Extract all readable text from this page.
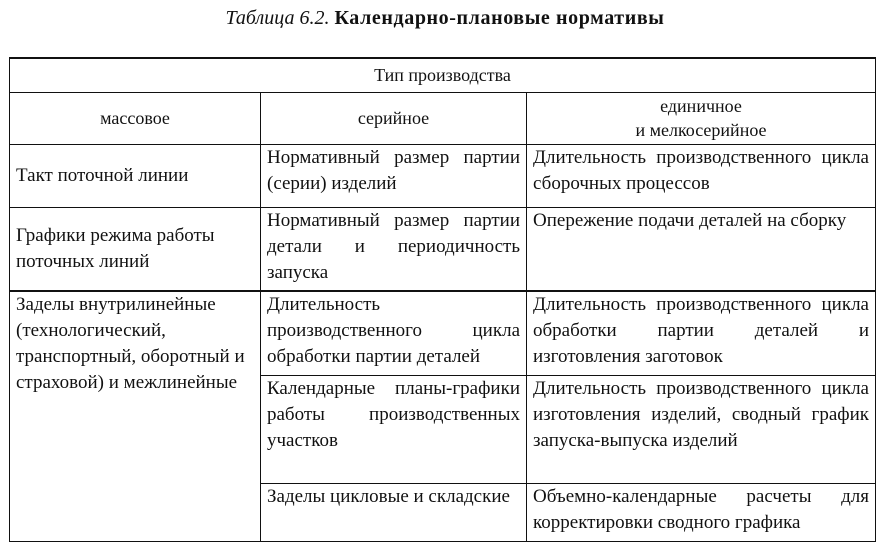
Таблица 6.2. Календарно-плановые нормативы
Тип производства		
массовое	серийное	единичное
и мелкосерийное

Такт поточной линии	Нормативный размер партии (серии) изделий	Длительность производственного цикла сборочных процессов
Графики режима работы поточных линий	Нормативный размер партии детали и периодичность запуска	Опережение подачи деталей на сборку
Заделы внутрилинейные (технологический, транспортный, оборотный и страховой) и межлинейные	Длительность производственного цикла обработки партии деталей	Длительность производственного цикла обработки партии деталей и изготовления заготовок
	Календарные планы-графики работы производственных участков	Длительность производственного цикла изготовления изделий, сводный график запуска-выпуска изделий
	Заделы цикловые и складские	Объемно-календарные расчеты для корректировки сводного графика
